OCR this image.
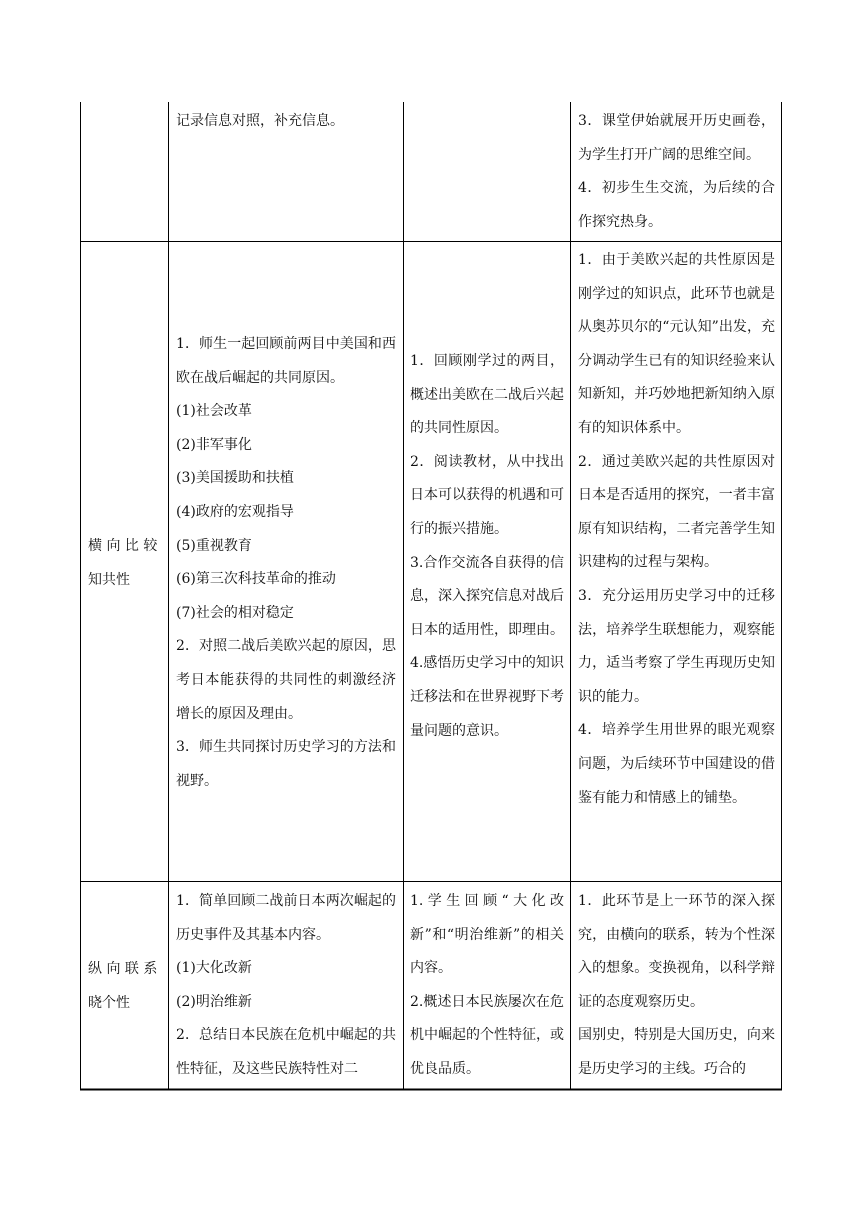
记录信息对照，补充信息。	3．课堂伊始就展开历史画卷，为学生打开广阔的思维空间。

4．初步生生交流，为后续的合作探究热身。

横 向 比 较

知共性

1．师生一起回顾前两目中美国和西欧在战后崛起的共同原因。

(1)社会改革

(2)非军事化

(3)美国援助和扶植

(4)政府的宏观指导

(5)重视教育

(6)第三次科技革命的推动

(7)社会的相对稳定

2．对照二战后美欧兴起的原因，思考日本能获得的共同性的刺激经济增长的原因及理由。

3．师生共同探讨历史学习的方法和视野。

1．回顾刚学过的两目，概述出美欧在二战后兴起的共同性原因。

2．阅读教材，从中找出日本可以获得的机遇和可行的振兴措施。

3.合作交流各自获得的信息，深入探究信息对战后日本的适用性，即理由。

4.感悟历史学习中的知识迁移法和在世界视野下考量问题的意识。

1．由于美欧兴起的共性原因是刚学过的知识点，此环节也就是从奥苏贝尔的“元认知”出发，充分调动学生已有的知识经验来认知新知，并巧妙地把新知纳入原有的知识体系中。

2．通过美欧兴起的共性原因对日本是否适用的探究，一者丰富原有知识结构，二者完善学生知识建构的过程与架构。

3．充分运用历史学习中的迁移法，培养学生联想能力，观察能力，适当考察了学生再现历史知识的能力。

4．培养学生用世界的眼光观察问题，为后续环节中国建设的借鉴有能力和情感上的铺垫。

纵 向 联 系

晓个性

1．简单回顾二战前日本两次崛起的历史事件及其基本内容。

(1)大化改新

(2)明治维新

2．总结日本民族在危机中崛起的共性特征，及这些民族特性对二

1.学生回顾“大化改新”和“明治维新”的相关内容。

2.概述日本民族屡次在危机中崛起的个性特征，或优良品质。

1．此环节是上一环节的深入探究，由横向的联系，转为个性深入的想象。变换视角，以科学辩证的态度观察历史。

国别史，特别是大国历史，向来是历史学习的主线。巧合的
